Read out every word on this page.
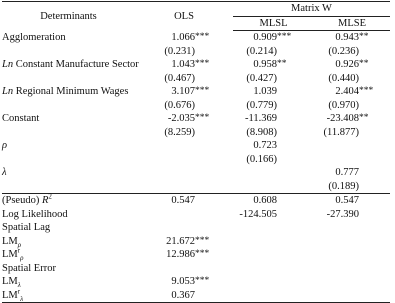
Determinants	OLS		Matrix W			
			MLSL		MLSE	
Agglomeration	1.066	***	0.909	***	0.943	**
	(0.231)		(0.214)		(0.236)	
Ln Constant Manufacture Sector	1.043	***	0.958	**	0.926	**
	(0.467)		(0.427)		(0.440)	
Ln Regional Minimum Wages	3.107	***	1.039		2.404	***
	(0.676)		(0.779)		(0.970)	
Constant	-2.035	***	-11.369		-23.408	**
	(8.259)		(8.908)		(11.877)	
ρ			0.723			
			(0.166)			
λ					0.777	
					(0.189)	
(Pseudo) $R^2$	0.547		0.608		0.547	
Log Likelihood			-124.505		-27.390	
Spatial Lag						
$LM_\rho$	21.672	***				
$LM^r_\rho$	12.986	***				
Spatial Error						
$LM_\lambda$	9.053	***				
$LM^r_\lambda$	0.367					
